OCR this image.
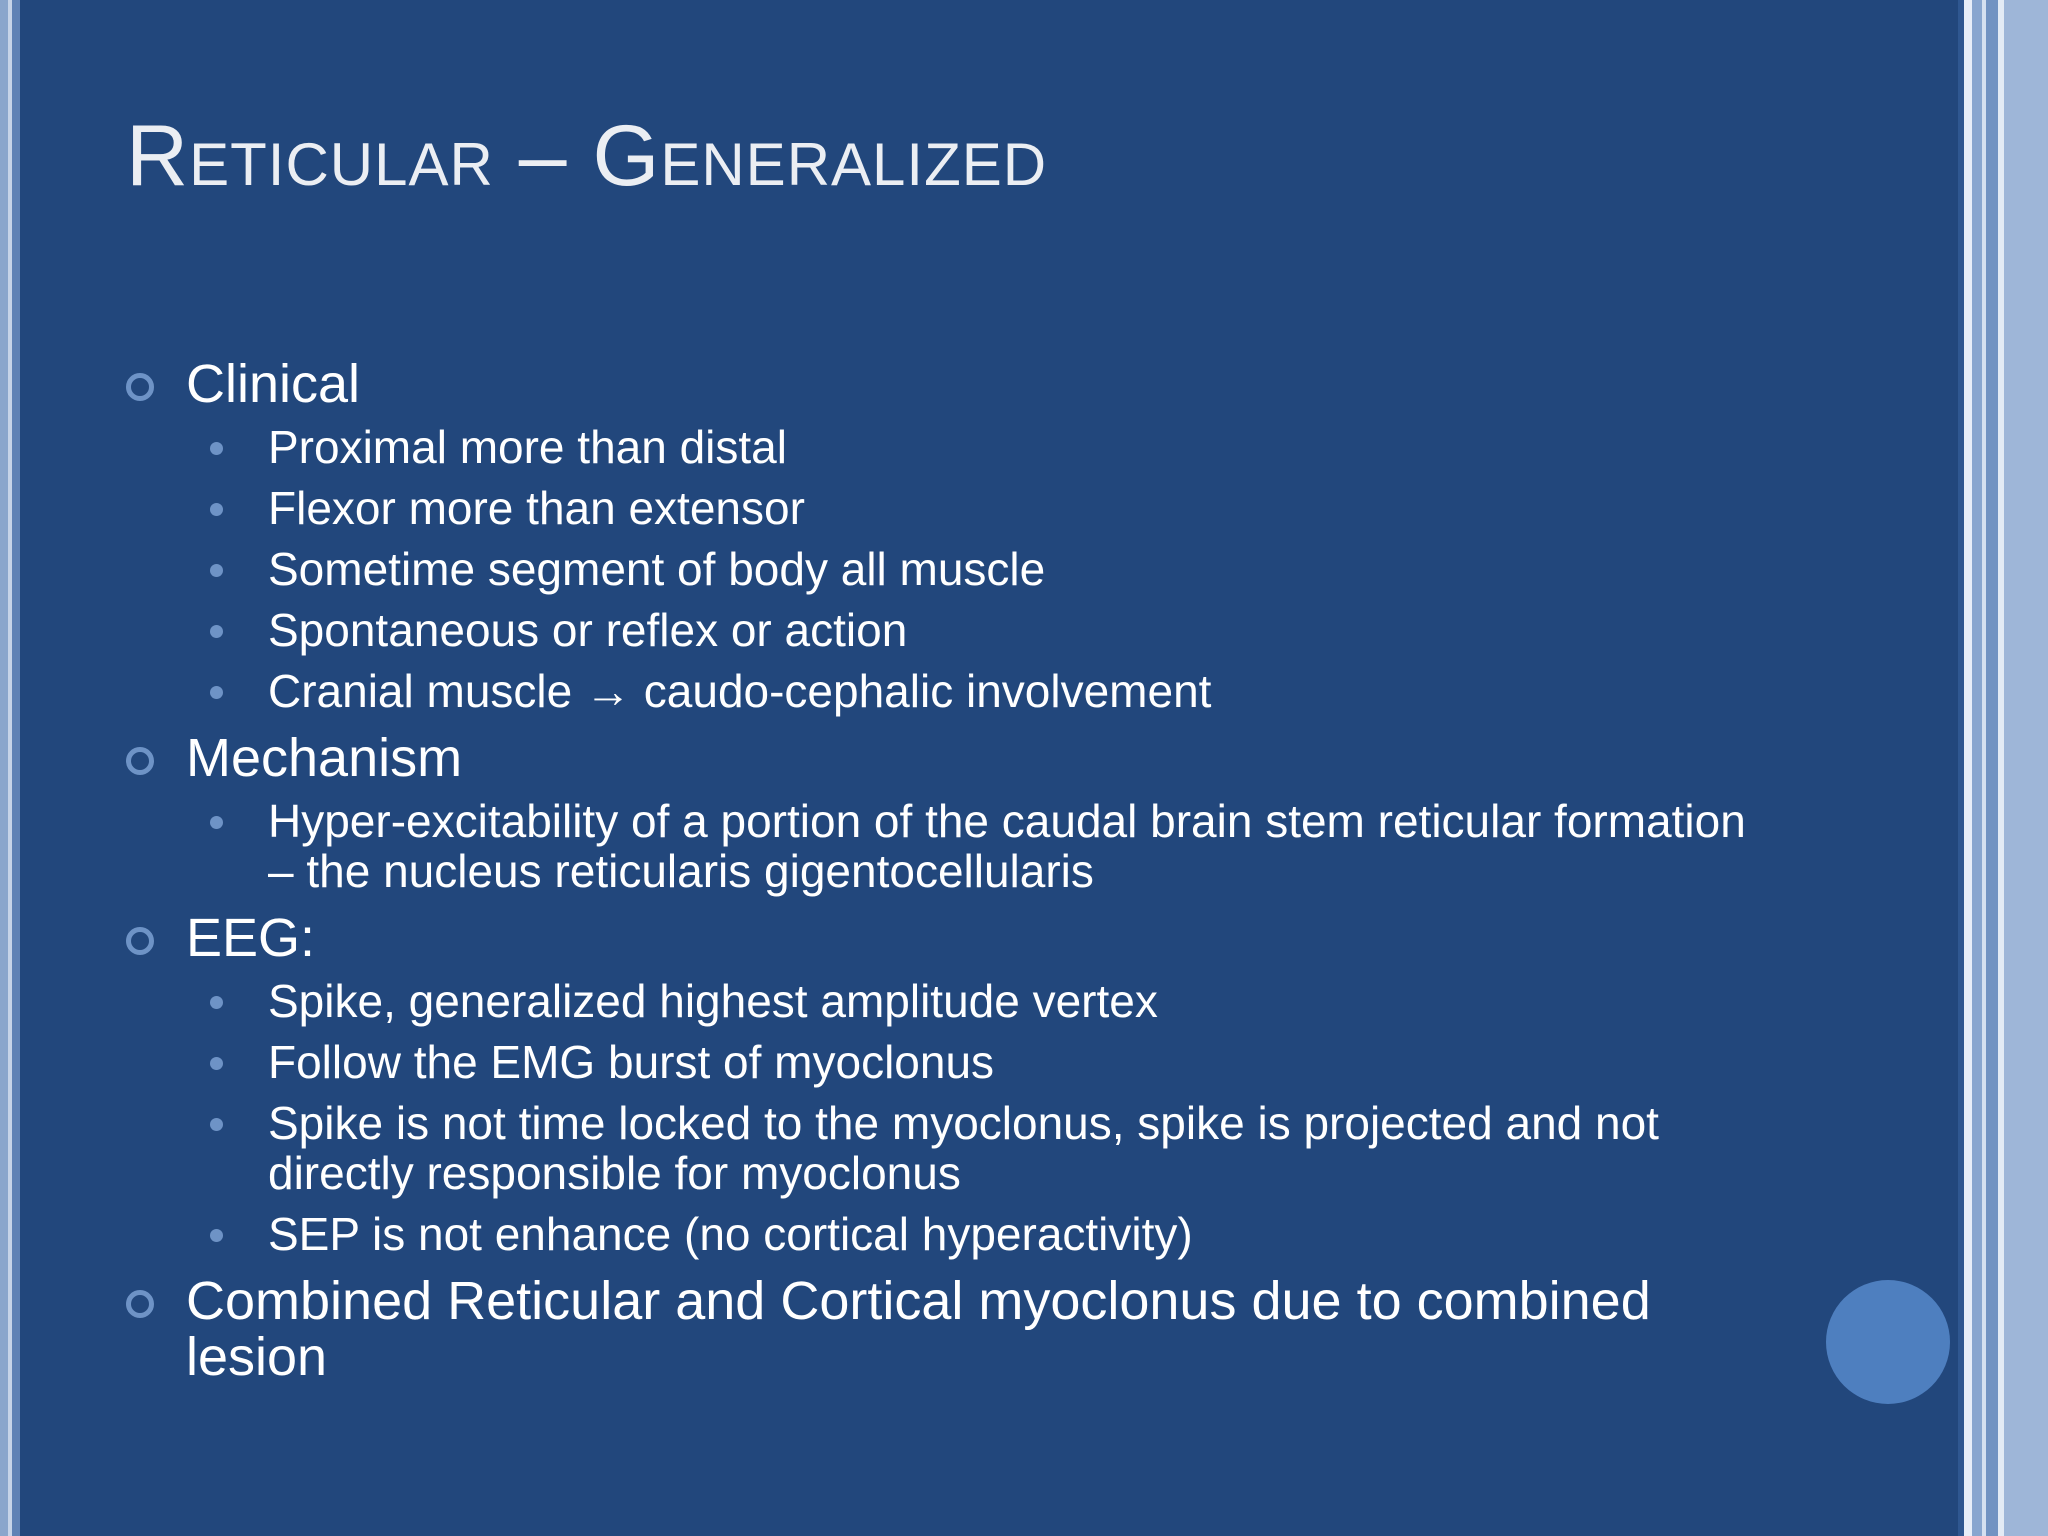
Reticular – Generalized
Clinical
Proximal more than distal
Flexor more than extensor
Sometime segment of body all muscle
Spontaneous or reflex or action
Cranial muscle → caudo-cephalic involvement
Mechanism
Hyper-excitability of a portion of the caudal brain stem reticular formation – the nucleus reticularis gigentocellularis
EEG:
Spike, generalized highest amplitude vertex
Follow the EMG burst of myoclonus
Spike is not time locked to the myoclonus, spike is projected and not directly responsible for myoclonus
SEP is not enhance (no cortical hyperactivity)
Combined Reticular and Cortical myoclonus due to combined lesion
